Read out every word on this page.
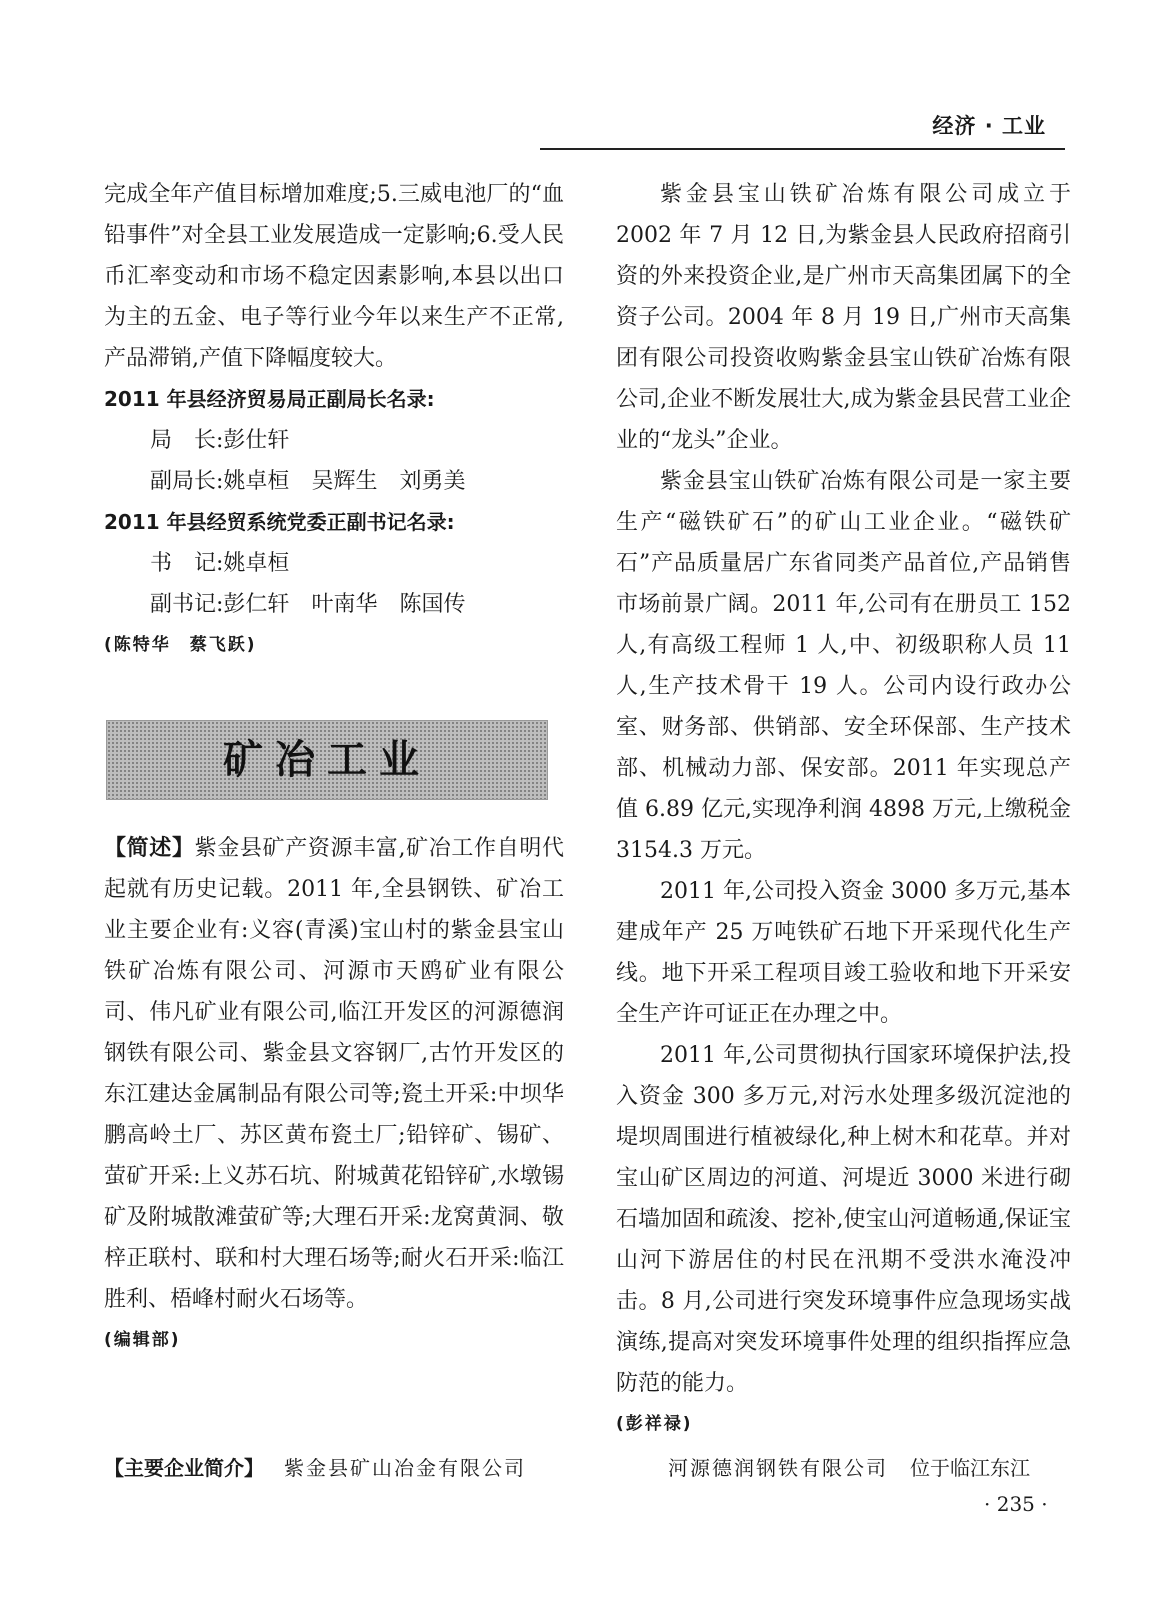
经济 · 工业

完成全年产值目标增加难度;5.三威电池厂的“血铅事件”对全县工业发展造成一定影响;6.受人民币汇率变动和市场不稳定因素影响,本县以出口为主的五金、电子等行业今年以来生产不正常,产品滞销,产值下降幅度较大。

2011 年县经济贸易局正副局长名录:

局　长:彭仕轩

副局长:姚卓桓 吴辉生 刘勇美

2011 年县经贸系统党委正副书记名录:

书　记:姚卓桓

副书记:彭仁轩 叶南华 陈国传

(陈特华　蔡飞跃)

矿冶工业

【简述】紫金县矿产资源丰富,矿冶工作自明代起就有历史记载。2011 年,全县钢铁、矿冶工业主要企业有:义容(青溪)宝山村的紫金县宝山铁矿冶炼有限公司、河源市天鸥矿业有限公司、伟凡矿业有限公司,临江开发区的河源德润钢铁有限公司、紫金县文容钢厂,古竹开发区的东江建达金属制品有限公司等;瓷土开采:中坝华鹏高岭土厂、苏区黄布瓷土厂;铅锌矿、锡矿、萤矿开采:上义苏石坑、附城黄花铅锌矿,水墩锡矿及附城散滩萤矿等;大理石开采:龙窝黄洞、敬梓正联村、联和村大理石场等;耐火石开采:临江胜利、梧峰村耐火石场等。

(编辑部)

紫金县宝山铁矿冶炼有限公司成立于 2002 年 7 月 12 日,为紫金县人民政府招商引资的外来投资企业,是广州市天高集团属下的全资子公司。2004 年 8 月 19 日,广州市天高集团有限公司投资收购紫金县宝山铁矿冶炼有限公司,企业不断发展壮大,成为紫金县民营工业企业的“龙头”企业。

紫金县宝山铁矿冶炼有限公司是一家主要生产“磁铁矿石”的矿山工业企业。“磁铁矿石”产品质量居广东省同类产品首位,产品销售市场前景广阔。2011 年,公司有在册员工 152 人,有高级工程师 1 人,中、初级职称人员 11 人,生产技术骨干 19 人。公司内设行政办公室、财务部、供销部、安全环保部、生产技术部、机械动力部、保安部。2011 年实现总产值 6.89 亿元,实现净利润 4898 万元,上缴税金 3154.3 万元。

2011 年,公司投入资金 3000 多万元,基本建成年产 25 万吨铁矿石地下开采现代化生产线。地下开采工程项目竣工验收和地下开采安全生产许可证正在办理之中。

2011 年,公司贯彻执行国家环境保护法,投入资金 300 多万元,对污水处理多级沉淀池的堤坝周围进行植被绿化,种上树木和花草。并对宝山矿区周边的河道、河堤近 3000 米进行砌石墙加固和疏浚、挖补,使宝山河道畅通,保证宝山河下游居住的村民在汛期不受洪水淹没冲击。8 月,公司进行突发环境事件应急现场实战演练,提高对突发环境事件处理的组织指挥应急防范的能力。

(彭祥禄)

【主要企业简介】 紫金县矿山冶金有限公司	河源德润钢铁有限公司 位于临江东江
· 235 ·
